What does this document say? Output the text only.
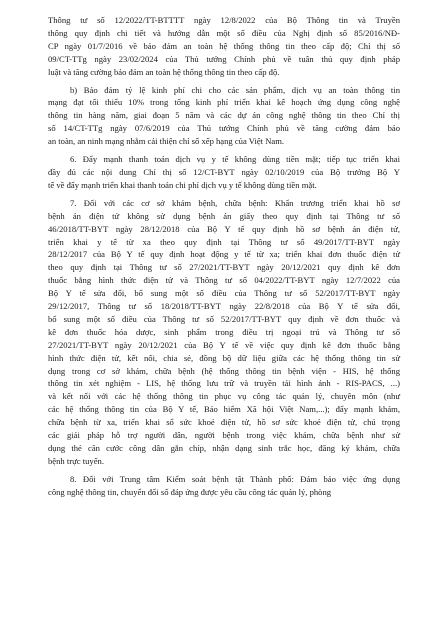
Thông tư số 12/2022/TT-BTTTT ngày 12/8/2022 của Bộ Thông tin và Truyền
thông quy định chi tiết và hướng dẫn một số điều của Nghị định số 85/2016/NĐ-
CP ngày 01/7/2016 về bảo đảm an toàn hệ thống thông tin theo cấp độ; Chỉ thị số
09/CT-TTg ngày 23/02/2024 của Thủ tướng Chính phủ về tuân thủ quy định pháp
luật và tăng cường bảo đảm an toàn hệ thống thông tin theo cấp độ.
b) Bảo đảm tỷ lệ kinh phí chi cho các sản phẩm, dịch vụ an toàn thông tin
mạng đạt tối thiểu 10% trong tổng kinh phí triển khai kế hoạch ứng dụng công nghệ
thông tin hàng năm, giai đoạn 5 năm và các dự án công nghệ thông tin theo Chỉ thị
số 14/CT-TTg ngày 07/6/2019 của Thủ tướng Chính phủ về tăng cường đảm bảo
an toàn, an ninh mạng nhằm cải thiện chỉ số xếp hạng của Việt Nam.
6. Đẩy mạnh thanh toán dịch vụ y tế không dùng tiền mặt; tiếp tục triển khai
đầy đủ các nội dung Chỉ thị số 12/CT-BYT ngày 02/10/2019 của Bộ trưởng Bộ Y
tế về đẩy mạnh triển khai thanh toán chi phí dịch vụ y tế không dùng tiền mặt.
7. Đối với các cơ sở khám bệnh, chữa bệnh: Khẩn trương triển khai hồ sơ
bệnh án điện tử không sử dụng bệnh án giấy theo quy định tại Thông tư số
46/2018/TT-BYT ngày 28/12/2018 của Bộ Y tế quy định hồ sơ bệnh án điện tử,
triển khai y tế từ xa theo quy định tại Thông tư số 49/2017/TT-BYT ngày
28/12/2017 của Bộ Y tế quy định hoạt động y tế từ xa; triển khai đơn thuốc điện tử
theo quy định tại Thông tư số 27/2021/TT-BYT ngày 20/12/2021 quy định kê đơn
thuốc bằng hình thức điện tử và Thông tư số 04/2022/TT-BYT ngày 12/7/2022 của
Bộ Y tế sửa đổi, bổ sung một số điều của Thông tư số 52/2017/TT-BYT ngày
29/12/2017, Thông tư số 18/2018/TT-BYT ngày 22/8/2018 của Bộ Y tế sửa đổi,
bổ sung một số điều của Thông tư số 52/2017/TT-BYT quy định về đơn thuốc và
kê đơn thuốc hóa dược, sinh phẩm trong điều trị ngoại trú và Thông tư số
27/2021/TT-BYT ngày 20/12/2021 của Bộ Y tế về việc quy định kê đơn thuốc bằng
hình thức điện tử, kết nối, chia sẻ, đồng bộ dữ liệu giữa các hệ thống thông tin sử
dụng trong cơ sở khám, chữa bệnh (hệ thống thông tin bệnh viện - HIS, hệ thống
thông tin xét nghiệm - LIS, hệ thống lưu trữ và truyền tải hình ảnh - RIS-PACS, ...)
và kết nối với các hệ thống thông tin phục vụ công tác quản lý, chuyên môn (như
các hệ thống thông tin của Bộ Y tế, Bảo hiểm Xã hội Việt Nam,...); đẩy mạnh khám,
chữa bệnh từ xa, triển khai sổ sức khoẻ điện tử, hồ sơ sức khoẻ điện tử, chú trọng
các giải pháp hỗ trợ người dân, người bệnh trong việc khám, chữa bệnh như sử
dụng thẻ căn cước công dân gắn chíp, nhận dạng sinh trắc học, đăng ký khám, chữa
bệnh trực tuyến.
8. Đối với Trung tâm Kiểm soát bệnh tật Thành phố: Đảm bảo việc ứng dụng
công nghệ thông tin, chuyển đổi số đáp ứng được yêu cầu công tác quản lý, phòng
